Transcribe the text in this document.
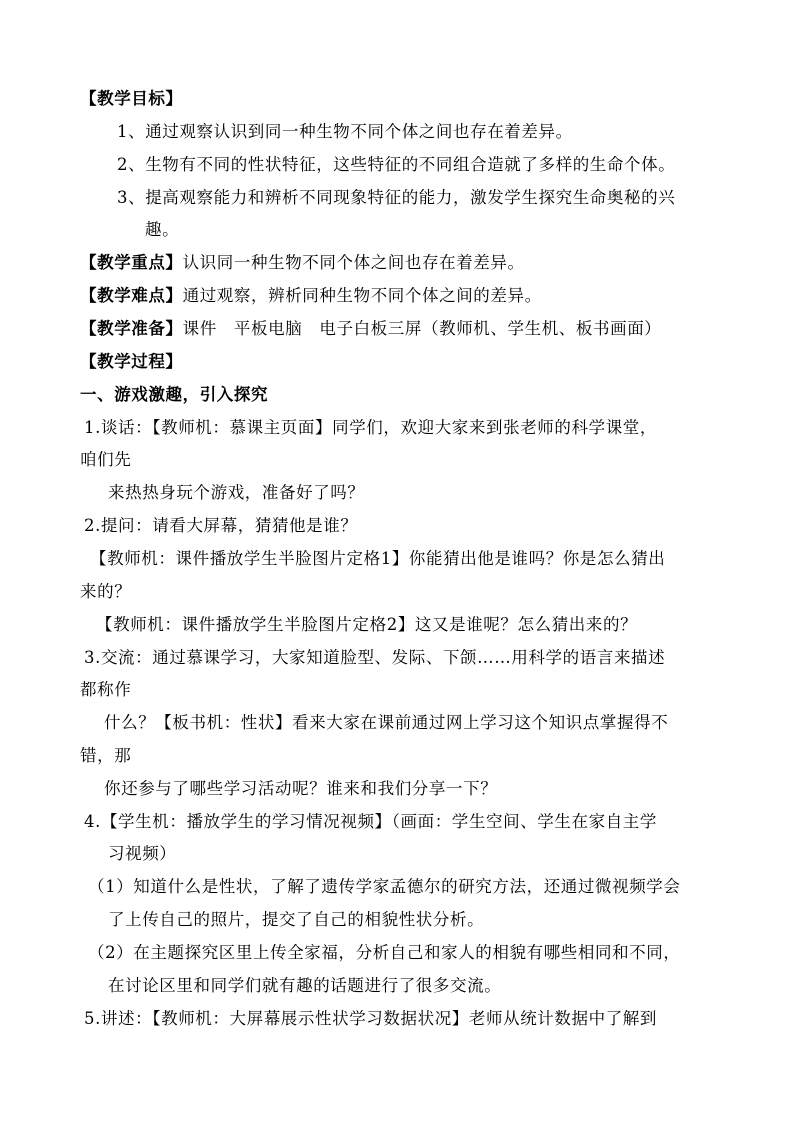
【教学目标】
1、通过观察认识到同一种生物不同个体之间也存在着差异。
2、生物有不同的性状特征，这些特征的不同组合造就了多样的生命个体。
3、提高观察能力和辨析不同现象特征的能力，激发学生探究生命奥秘的兴
趣。
【教学重点】认识同一种生物不同个体之间也存在着差异。
【教学难点】通过观察，辨析同种生物不同个体之间的差异。
【教学准备】课件　平板电脑　电子白板三屏（教师机、学生机、板书画面）
【教学过程】
一、游戏激趣，引入探究
1.谈话：【教师机：慕课主页面】同学们，欢迎大家来到张老师的科学课堂，
咱们先
来热热身玩个游戏，准备好了吗？
2.提问：请看大屏幕，猜猜他是谁？
【教师机：课件播放学生半脸图片定格1】你能猜出他是谁吗？你是怎么猜出
来的？
【教师机：课件播放学生半脸图片定格2】这又是谁呢？怎么猜出来的？
3.交流：通过慕课学习，大家知道脸型、发际、下颌……用科学的语言来描述
都称作
什么？【板书机：性状】看来大家在课前通过网上学习这个知识点掌握得不
错，那
你还参与了哪些学习活动呢？谁来和我们分享一下？
4.【学生机：播放学生的学习情况视频】（画面：学生空间、学生在家自主学
习视频）
（1）知道什么是性状，了解了遗传学家孟德尔的研究方法，还通过微视频学会
了上传自己的照片，提交了自己的相貌性状分析。
（2）在主题探究区里上传全家福，分析自己和家人的相貌有哪些相同和不同，
在讨论区里和同学们就有趣的话题进行了很多交流。
5.讲述：【教师机：大屏幕展示性状学习数据状况】老师从统计数据中了解到
